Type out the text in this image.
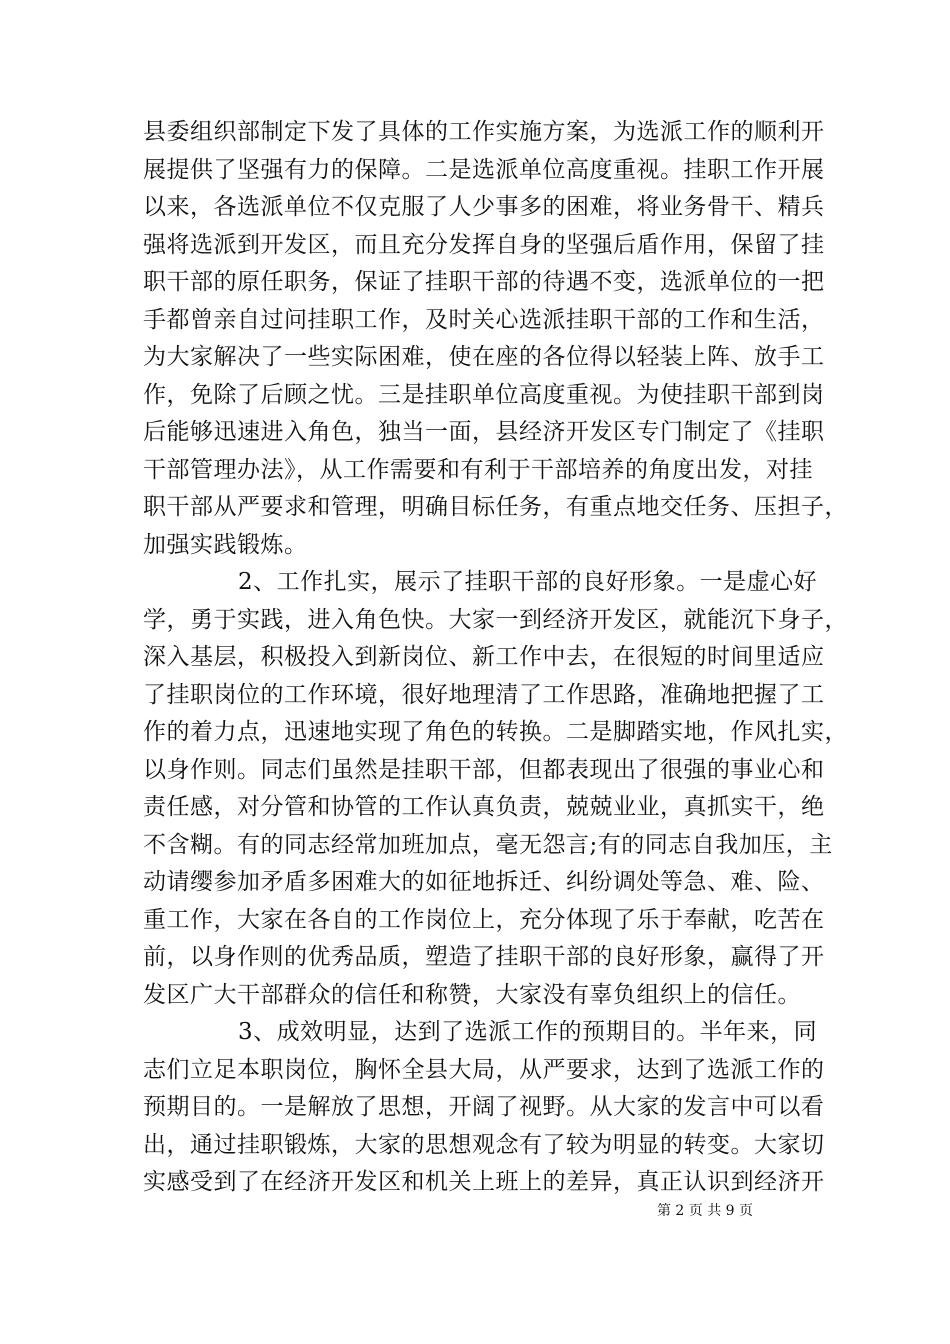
县委组织部制定下发了具体的工作实施方案，为选派工作的顺利开
展提供了坚强有力的保障。二是选派单位高度重视。挂职工作开展
以来，各选派单位不仅克服了人少事多的困难，将业务骨干、精兵
强将选派到开发区，而且充分发挥自身的坚强后盾作用，保留了挂
职干部的原任职务，保证了挂职干部的待遇不变，选派单位的一把
手都曾亲自过问挂职工作，及时关心选派挂职干部的工作和生活，
为大家解决了一些实际困难，使在座的各位得以轻装上阵、放手工
作，免除了后顾之忧。三是挂职单位高度重视。为使挂职干部到岗
后能够迅速进入角色，独当一面，县经济开发区专门制定了《挂职
干部管理办法》，从工作需要和有利于干部培养的角度出发，对挂
职干部从严要求和管理，明确目标任务，有重点地交任务、压担子，
加强实践锻炼。
2、工作扎实，展示了挂职干部的良好形象。一是虚心好
学，勇于实践，进入角色快。大家一到经济开发区，就能沉下身子，
深入基层，积极投入到新岗位、新工作中去，在很短的时间里适应
了挂职岗位的工作环境，很好地理清了工作思路，准确地把握了工
作的着力点，迅速地实现了角色的转换。二是脚踏实地，作风扎实，
以身作则。同志们虽然是挂职干部，但都表现出了很强的事业心和
责任感，对分管和协管的工作认真负责，兢兢业业，真抓实干，绝
不含糊。有的同志经常加班加点，毫无怨言;有的同志自我加压，主
动请缨参加矛盾多困难大的如征地拆迁、纠纷调处等急、难、险、
重工作，大家在各自的工作岗位上，充分体现了乐于奉献，吃苦在
前，以身作则的优秀品质，塑造了挂职干部的良好形象，赢得了开
发区广大干部群众的信任和称赞，大家没有辜负组织上的信任。
3、成效明显，达到了选派工作的预期目的。半年来，同
志们立足本职岗位，胸怀全县大局，从严要求，达到了选派工作的
预期目的。一是解放了思想，开阔了视野。从大家的发言中可以看
出，通过挂职锻炼，大家的思想观念有了较为明显的转变。大家切
实感受到了在经济开发区和机关上班上的差异，真正认识到经济开
第 2 页 共 9 页
